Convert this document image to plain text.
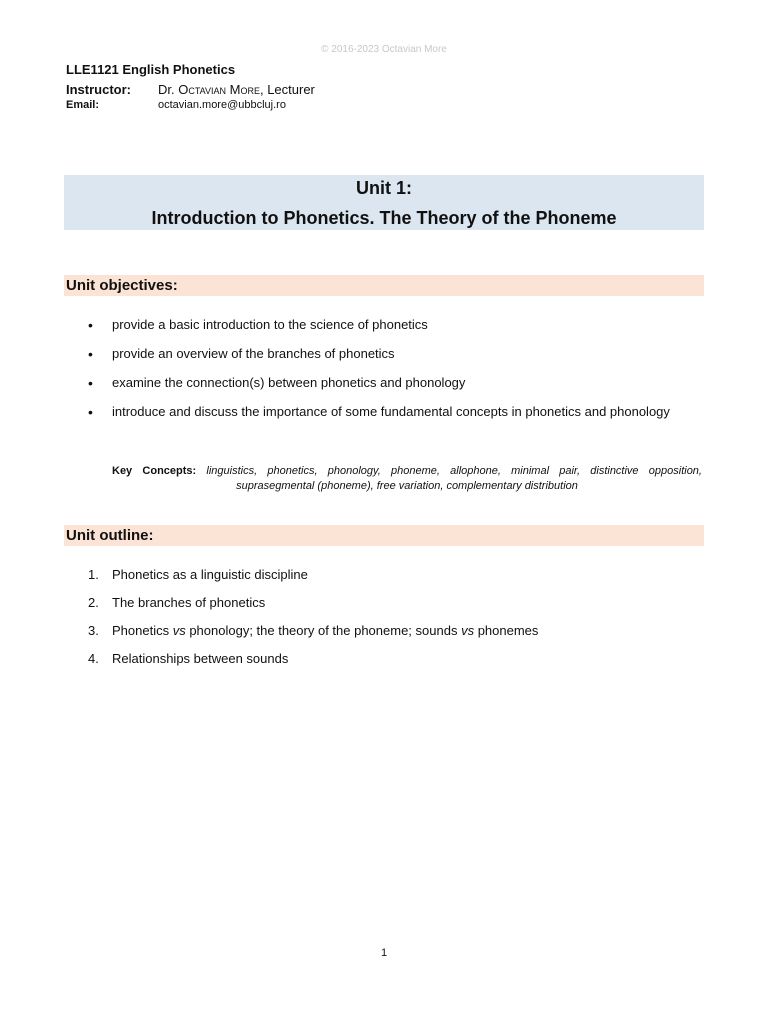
© 2016-2023 Octavian More
LLE1121 English Phonetics
Instructor: Dr. Octavian More, Lecturer
Email:	octavian.more@ubbcluj.ro
Unit 1:
Introduction to Phonetics. The Theory of the Phoneme
Unit objectives:
• provide a basic introduction to the science of phonetics
• provide an overview of the branches of phonetics
• examine the connection(s) between phonetics and phonology
• introduce and discuss the importance of some fundamental concepts in phonetics and phonology
Key Concepts: linguistics, phonetics, phonology, phoneme, allophone, minimal pair, distinctive opposition, suprasegmental (phoneme), free variation, complementary distribution
Unit outline:
1. Phonetics as a linguistic discipline
2. The branches of phonetics
3. Phonetics vs phonology; the theory of the phoneme; sounds vs phonemes
4. Relationships between sounds
1
